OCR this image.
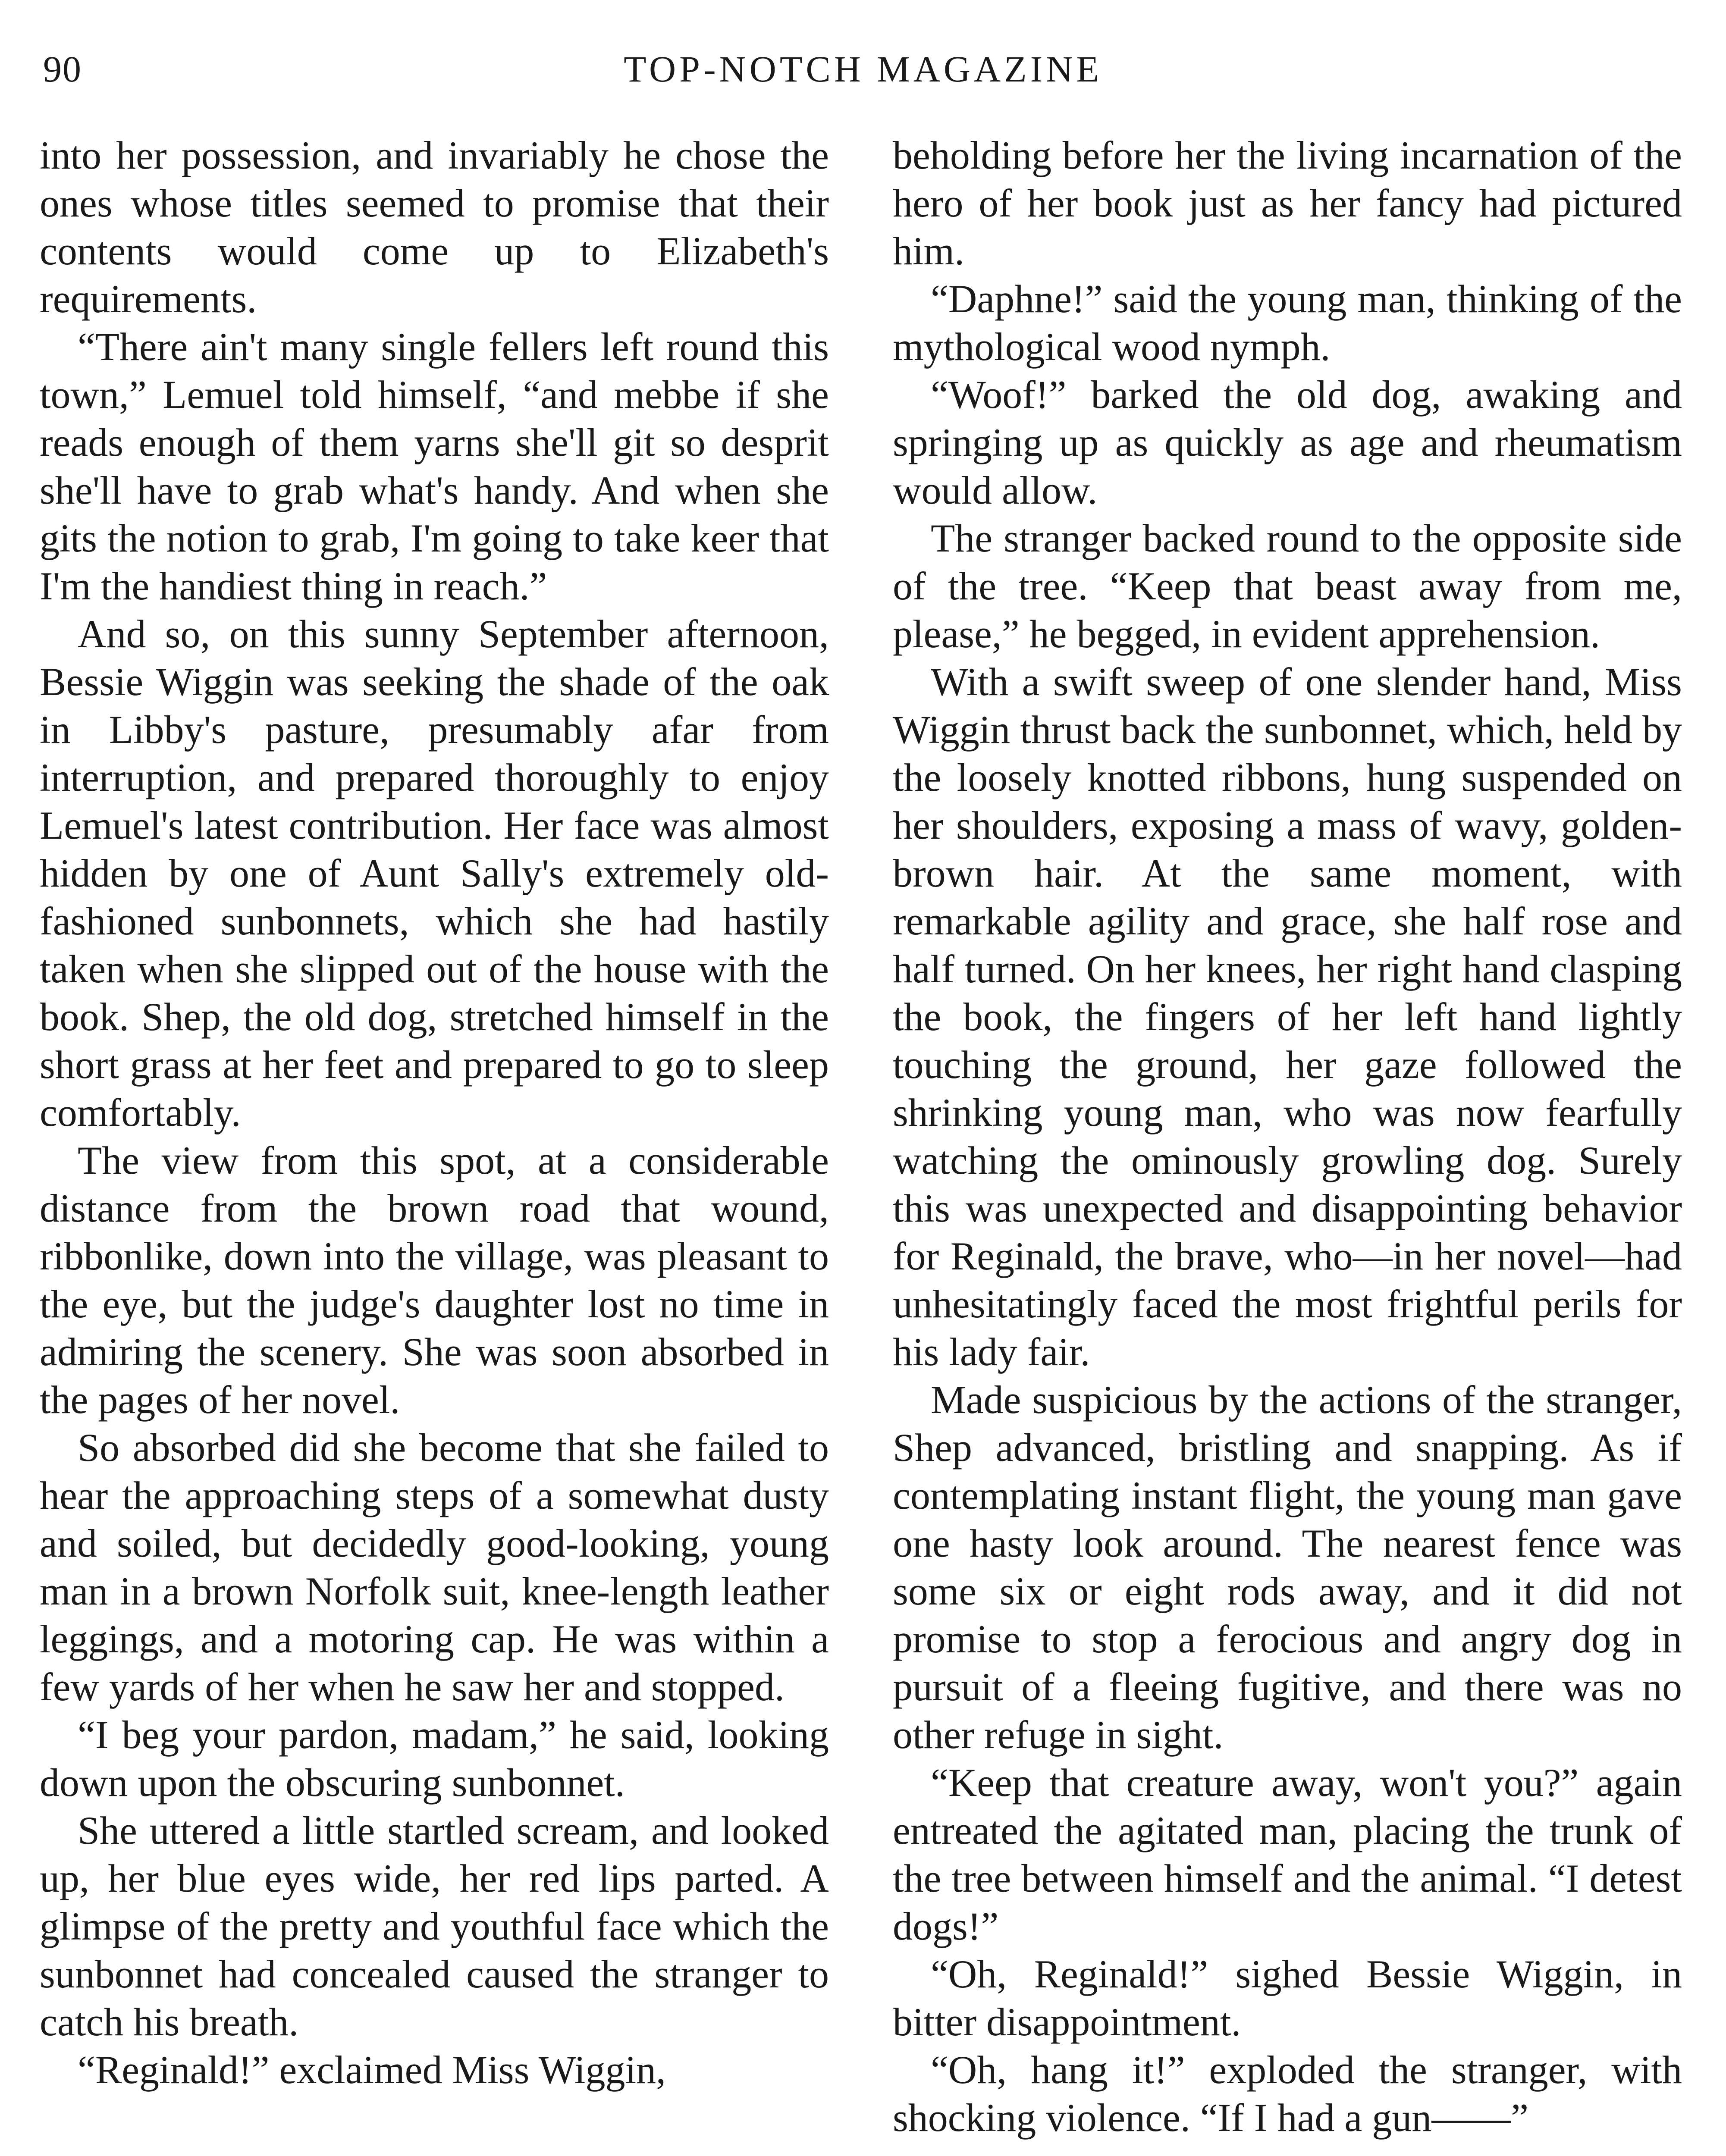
90	TOP-NOTCH MAGAZINE

into her possession, and invariably he chose the ones whose titles seemed to promise that their contents would come up to Elizabeth's requirements.

“There ain't many single fellers left round this town,” Lemuel told himself, “and mebbe if she reads enough of them yarns she'll git so desprit she'll have to grab what's handy. And when she gits the notion to grab, I'm going to take keer that I'm the handiest thing in reach.”

And so, on this sunny September afternoon, Bessie Wiggin was seeking the shade of the oak in Libby's pasture, presumably afar from interruption, and prepared thoroughly to enjoy Lemuel's latest contribution. Her face was almost hidden by one of Aunt Sally's extremely old-fashioned sunbonnets, which she had hastily taken when she slipped out of the house with the book. Shep, the old dog, stretched himself in the short grass at her feet and prepared to go to sleep comfortably.

The view from this spot, at a considerable distance from the brown road that wound, ribbonlike, down into the village, was pleasant to the eye, but the judge's daughter lost no time in admiring the scenery. She was soon absorbed in the pages of her novel.

So absorbed did she become that she failed to hear the approaching steps of a somewhat dusty and soiled, but decidedly good-looking, young man in a brown Norfolk suit, knee-length leather leggings, and a motoring cap. He was within a few yards of her when he saw her and stopped.

“I beg your pardon, madam,” he said, looking down upon the obscuring sunbonnet.

She uttered a little startled scream, and looked up, her blue eyes wide, her red lips parted. A glimpse of the pretty and youthful face which the sunbonnet had concealed caused the stranger to catch his breath.

“Reginald!” exclaimed Miss Wiggin,

beholding before her the living incarnation of the hero of her book just as her fancy had pictured him.

“Daphne!” said the young man, thinking of the mythological wood nymph.

“Woof!” barked the old dog, awaking and springing up as quickly as age and rheumatism would allow.

The stranger backed round to the opposite side of the tree. “Keep that beast away from me, please,” he begged, in evident apprehension.

With a swift sweep of one slender hand, Miss Wiggin thrust back the sunbonnet, which, held by the loosely knotted ribbons, hung suspended on her shoulders, exposing a mass of wavy, golden-brown hair. At the same moment, with remarkable agility and grace, she half rose and half turned. On her knees, her right hand clasping the book, the fingers of her left hand lightly touching the ground, her gaze followed the shrinking young man, who was now fearfully watching the ominously growling dog. Surely this was unexpected and disappointing behavior for Reginald, the brave, who—in her novel—had unhesitatingly faced the most frightful perils for his lady fair.

Made suspicious by the actions of the stranger, Shep advanced, bristling and snapping. As if contemplating instant flight, the young man gave one hasty look around. The nearest fence was some six or eight rods away, and it did not promise to stop a ferocious and angry dog in pursuit of a fleeing fugitive, and there was no other refuge in sight.

“Keep that creature away, won't you?” again entreated the agitated man, placing the trunk of the tree between himself and the animal. “I detest dogs!”

“Oh, Reginald!” sighed Bessie Wiggin, in bitter disappointment.

“Oh, hang it!” exploded the stranger, with shocking violence. “If I had a gun——”
